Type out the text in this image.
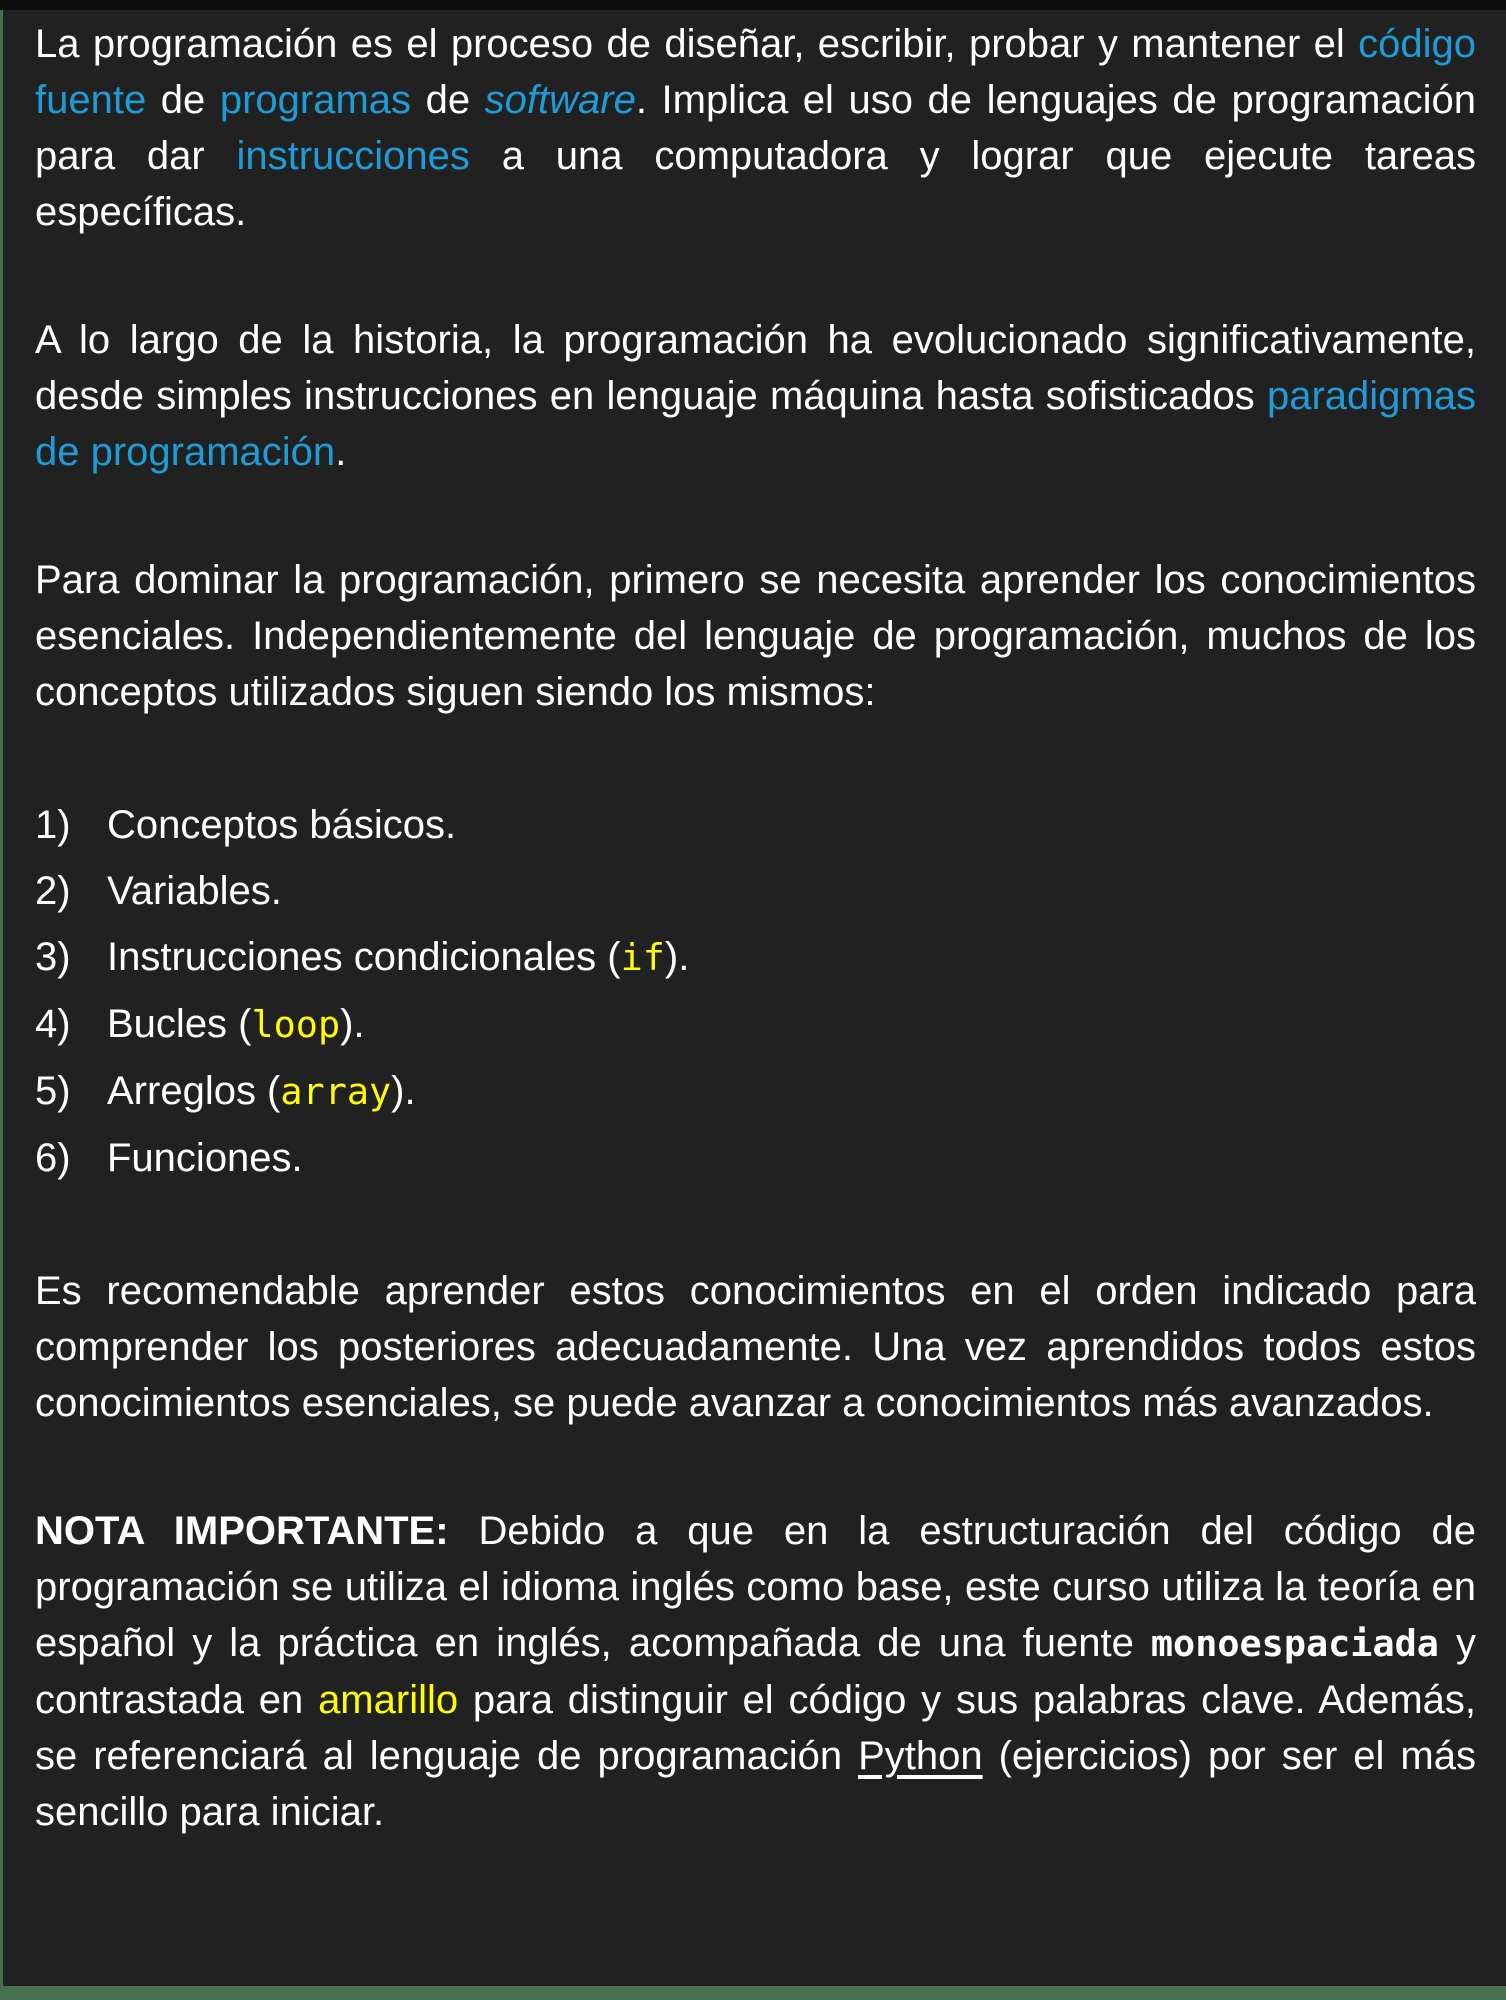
La programación es el proceso de diseñar, escribir, probar y mantener el código fuente de programas de software. Implica el uso de lenguajes de programación para dar instrucciones a una computadora y lograr que ejecute tareas específicas.

A lo largo de la historia, la programación ha evolucionado significativamente, desde simples instrucciones en lenguaje máquina hasta sofisticados paradigmas de programación.

Para dominar la programación, primero se necesita aprender los conocimientos esenciales. Independientemente del lenguaje de programación, muchos de los conceptos utilizados siguen siendo los mismos:

1) Conceptos básicos.
2) Variables.
3) Instrucciones condicionales (if).
4) Bucles (loop).
5) Arreglos (array).
6) Funciones.

Es recomendable aprender estos conocimientos en el orden indicado para comprender los posteriores adecuadamente. Una vez aprendidos todos estos conocimientos esenciales, se puede avanzar a conocimientos más avanzados.

NOTA IMPORTANTE: Debido a que en la estructuración del código de programación se utiliza el idioma inglés como base, este curso utiliza la teoría en español y la práctica en inglés, acompañada de una fuente monoespaciada y contrastada en amarillo para distinguir el código y sus palabras clave. Además, se referenciará al lenguaje de programación Python (ejercicios) por ser el más sencillo para iniciar.
